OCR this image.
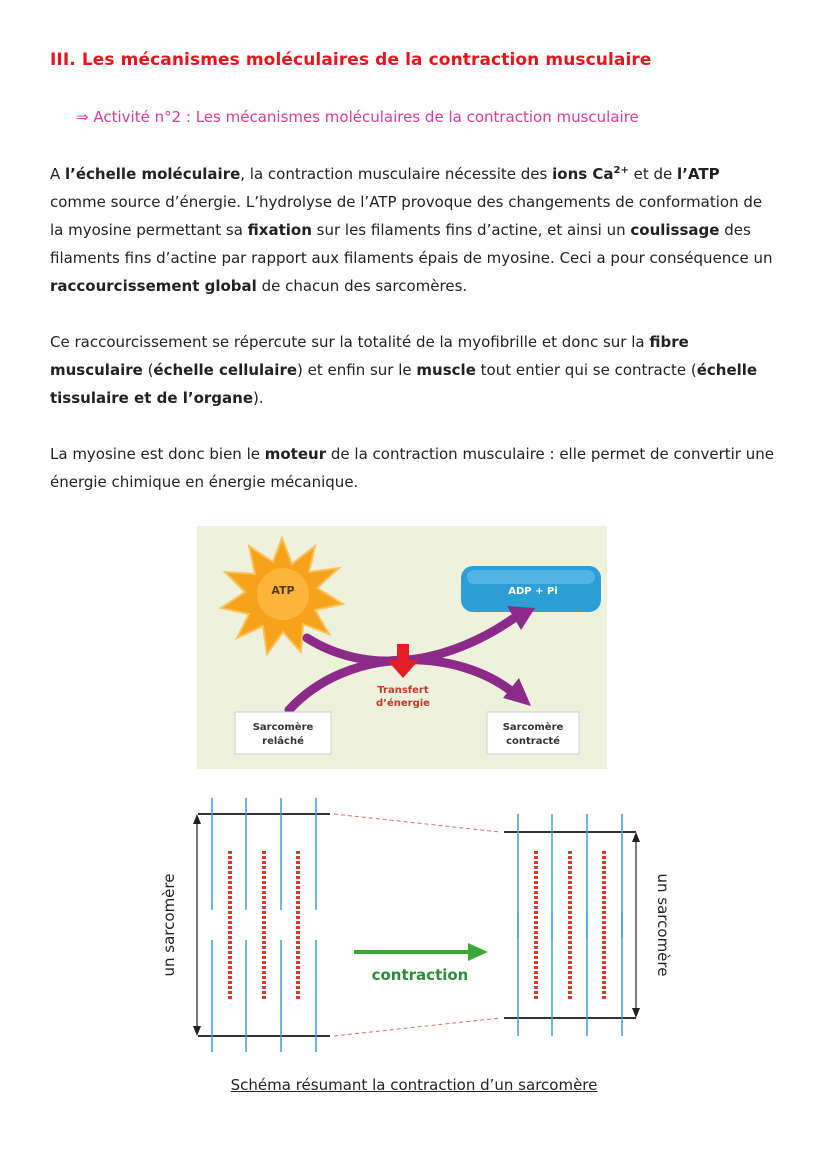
III. Les mécanismes moléculaires de la contraction musculaire
⇒ Activité n°2 : Les mécanismes moléculaires de la contraction musculaire
A l’échelle moléculaire, la contraction musculaire nécessite des ions $Ca^{2+}$ et de l’ATP comme source d’énergie. L’hydrolyse de l’ATP provoque des changements de conformation de la myosine permettant sa fixation sur les filaments fins d’actine, et ainsi un coulissage des filaments fins d’actine par rapport aux filaments épais de myosine. Ceci a pour conséquence un raccourcissement global de chacun des sarcomères.
Ce raccourcissement se répercute sur la totalité de la myofibrille et donc sur la fibre musculaire (échelle cellulaire) et enfin sur le muscle tout entier qui se contracte (échelle tissulaire et de l’organe).
La myosine est donc bien le moteur de la contraction musculaire : elle permet de convertir une énergie chimique en énergie mécanique.
ATP	ADP + Pi
Transfert
d’énergie
Sarcomère
relâché
Sarcomère
contracté
un sarcomère	contraction	un sarcomère
Schéma résumant la contraction d’un sarcomère
